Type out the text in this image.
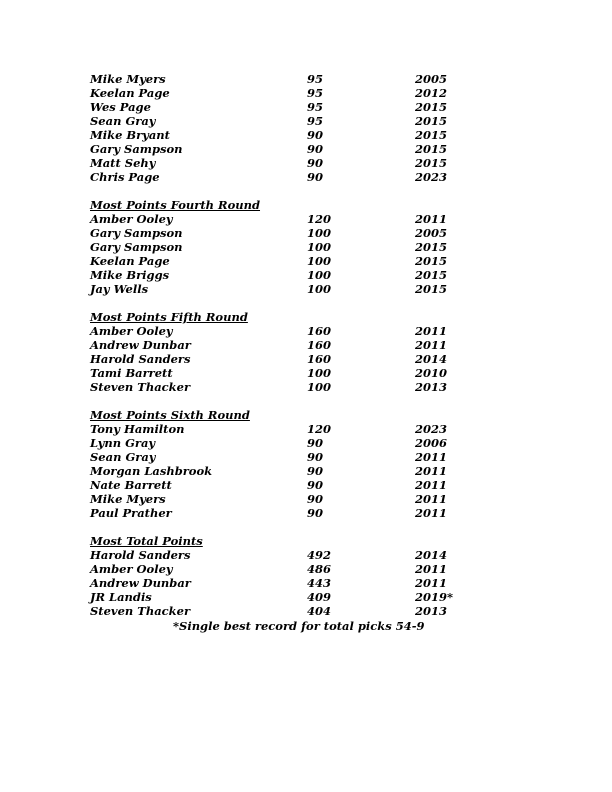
Mike Myers	95	2005
Keelan Page	95	2012
Wes Page	95	2015
Sean Gray	95	2015
Mike Bryant	90	2015
Gary Sampson	90	2015
Matt Sehy	90	2015
Chris Page	90	2023
Most Points Fourth Round
Amber Ooley	120	2011
Gary Sampson	100	2005
Gary Sampson	100	2015
Keelan Page	100	2015
Mike Briggs	100	2015
Jay Wells	100	2015
Most Points Fifth Round
Amber Ooley	160	2011
Andrew Dunbar	160	2011
Harold Sanders	160	2014
Tami Barrett	100	2010
Steven Thacker	100	2013
Most Points Sixth Round
Tony Hamilton	120	2023
Lynn Gray	90	2006
Sean Gray	90	2011
Morgan Lashbrook	90	2011
Nate Barrett	90	2011
Mike Myers	90	2011
Paul Prather	90	2011
Most Total Points
Harold Sanders	492	2014
Amber Ooley	486	2011
Andrew Dunbar	443	2011
JR Landis	409	2019*
Steven Thacker	404	2013
*Single best record for total picks 54-9
